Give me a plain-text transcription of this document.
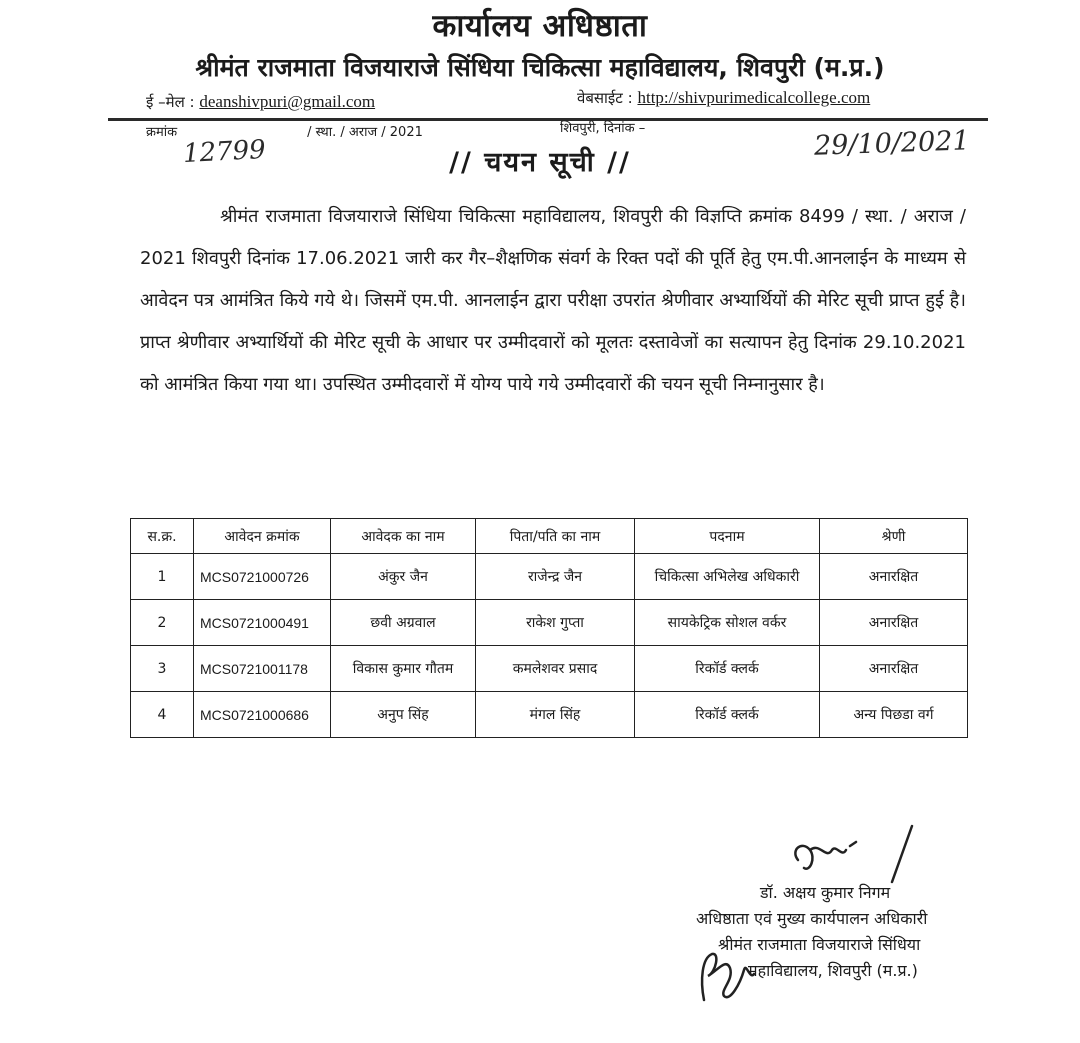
कार्यालय अधिष्ठाता
श्रीमंत राजमाता विजयाराजे सिंधिया चिकित्सा महाविद्यालय, शिवपुरी (म.प्र.)
ई –मेल : deanshivpuri@gmail.com	वेबसाईट : http://shivpurimedicalcollege.com
क्रमांक	/ स्था. / अराज / 2021	शिवपुरी, दिनांक –
12799	29/10/2021
// चयन सूची //
श्रीमंत राजमाता विजयाराजे सिंधिया चिकित्सा महाविद्यालय, शिवपुरी की विज्ञप्ति क्रमांक 8499 / स्था. / अराज / 2021 शिवपुरी दिनांक 17.06.2021 जारी कर गैर–शैक्षणिक संवर्ग के रिक्त पदों की पूर्ति हेतु एम.पी.आनलाईन के माध्यम से आवेदन पत्र आमंत्रित किये गये थे। जिसमें एम.पी. आनलाईन द्वारा परीक्षा उपरांत श्रेणीवार अभ्यार्थियों की मेरिट सूची प्राप्त हुई है। प्राप्त श्रेणीवार अभ्यार्थियों की मेरिट सूची के आधार पर उम्मीदवारों को मूलतः दस्तावेजों का सत्यापन हेतु दिनांक 29.10.2021 को आमंत्रित किया गया था। उपस्थित उम्मीदवारों में योग्य पाये गये उम्मीदवारों की चयन सूची निम्नानुसार है।
स.क्र.	आवेदन क्रमांक	आवेदक का नाम	पिता/पति का नाम	पदनाम	श्रेणी
1	MCS0721000726	अंकुर जैन	राजेन्द्र जैन	चिकित्सा अभिलेख अधिकारी	अनारक्षित
2	MCS0721000491	छवी अग्रवाल	राकेश गुप्ता	सायकेट्रिक सोशल वर्कर	अनारक्षित
3	MCS0721001178	विकास कुमार गौतम	कमलेशवर प्रसाद	रिकॉर्ड क्लर्क	अनारक्षित
4	MCS0721000686	अनुप सिंह	मंगल सिंह	रिकॉर्ड क्लर्क	अन्य पिछडा वर्ग
डॉ. अक्षय कुमार निगम
अधिष्ठाता एवं मुख्य कार्यपालन अधिकारी
श्रीमंत राजमाता विजयाराजे सिंधिया
महाविद्यालय, शिवपुरी (म.प्र.)
